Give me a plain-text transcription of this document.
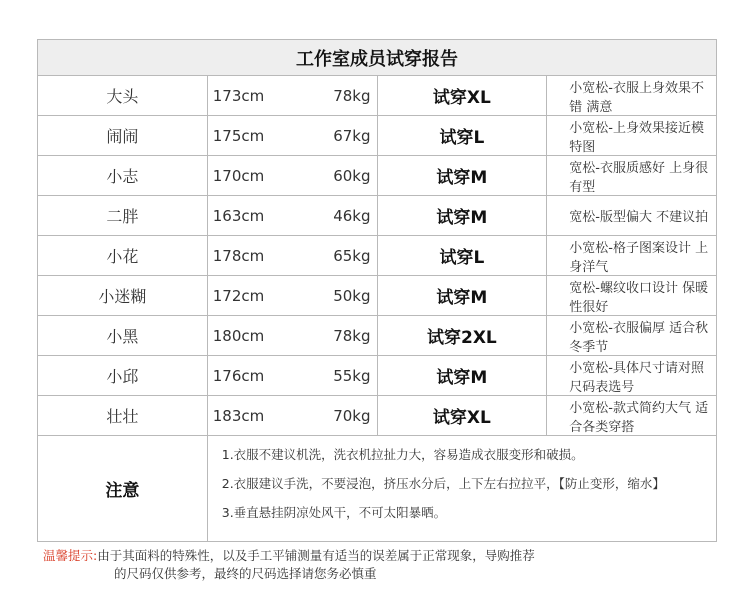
工作室成员试穿报告			
大头	173cm 78kg	试穿XL	小宽松-衣服上身效果不错 满意
闹闹	175cm 67kg	试穿L	小宽松-上身效果接近模特图
小志	170cm 60kg	试穿M	宽松-衣服质感好 上身很有型
二胖	163cm 46kg	试穿M	宽松-版型偏大 不建议拍
小花	178cm 65kg	试穿L	小宽松-格子图案设计 上身洋气
小迷糊	172cm 50kg	试穿M	宽松-螺纹收口设计 保暖性很好
小黑	180cm 78kg	试穿2XL	小宽松-衣服偏厚 适合秋冬季节
小邱	176cm 55kg	试穿M	小宽松-具体尺寸请对照尺码表选号
壮壮	183cm 70kg	试穿XL	小宽松-款式简约大气 适合各类穿搭
注意	1.衣服不建议机洗，洗衣机拉扯力大，容易造成衣服变形和破损。
2.衣服建议手洗，不要浸泡，挤压水分后，上下左右拉拉平，【防止变形，缩水】
3.垂直悬挂阴凉处风干，不可太阳暴晒。		
温馨提示:由于其面料的特殊性，以及手工平铺测量有适当的误差属于正常现象，导购推荐
的尺码仅供参考，最终的尺码选择请您务必慎重
